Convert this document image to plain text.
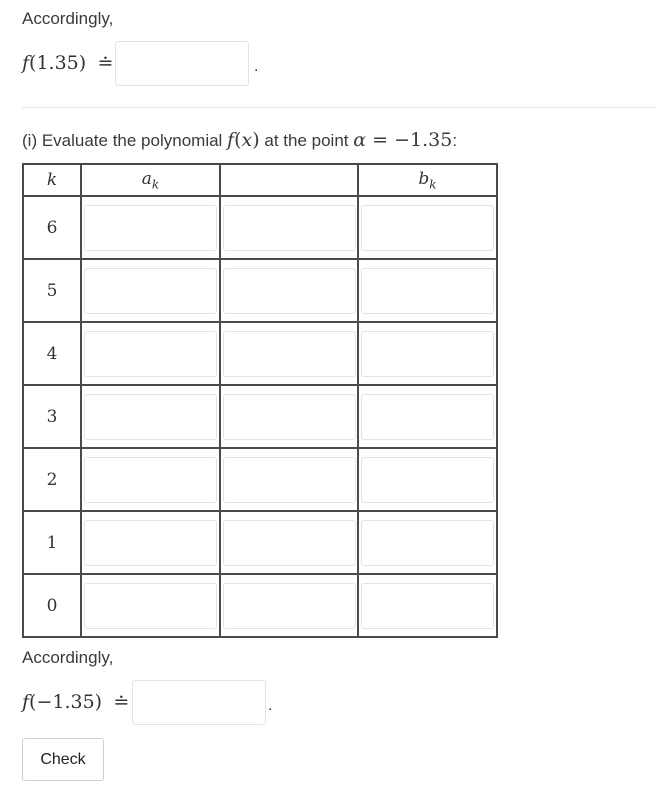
Accordingly,
f(1.35) ≐	.
(i) Evaluate the polynomial f(x) at the point α = −1.35:
k	$a_k$		$b_k$
6	

5	

4	

3	

2	

1	

0	

Accordingly,
f(−1.35) ≐	.
Check
